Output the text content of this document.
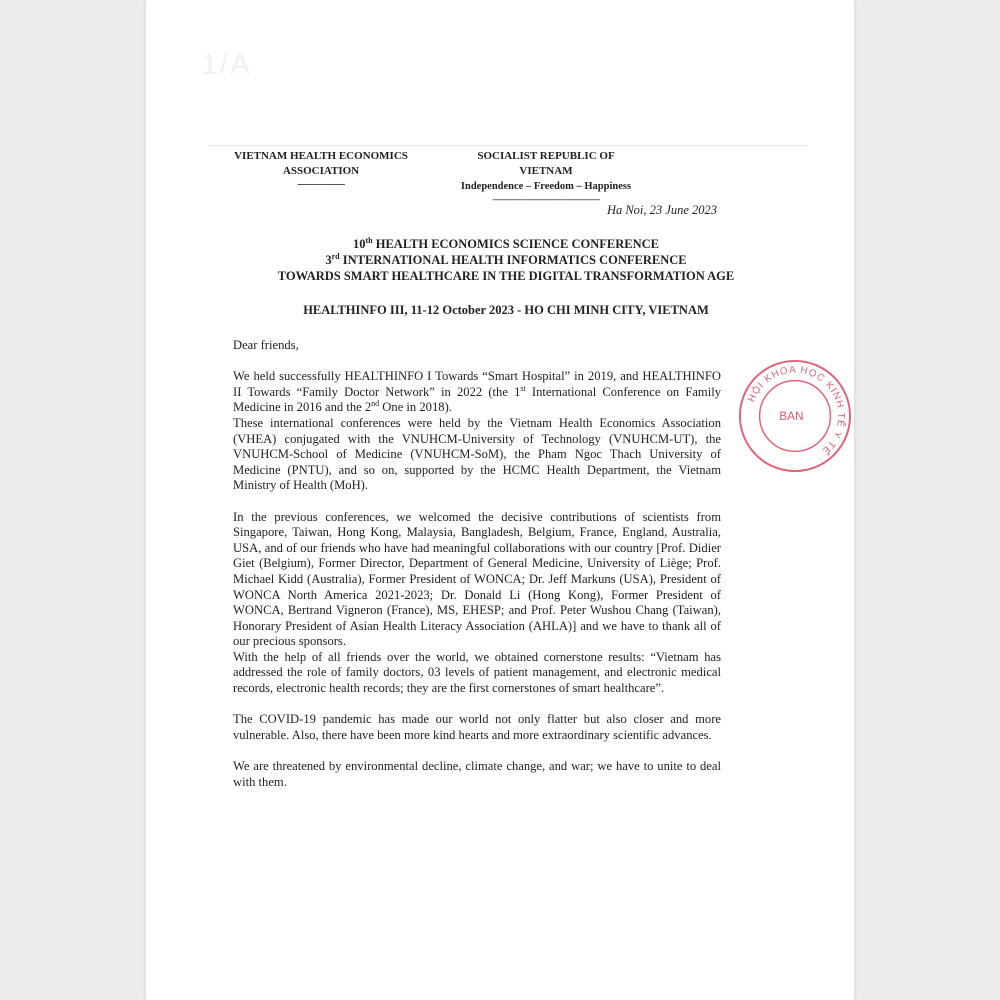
1/A
VIETNAM HEALTH ECONOMICS
ASSOCIATION
-------------------
SOCIALIST REPUBLIC OF VIETNAM
Independence – Freedom – Happiness
-------------------------------------------
Ha Noi, 23 June 2023
10th HEALTH ECONOMICS SCIENCE CONFERENCE
3rd INTERNATIONAL HEALTH INFORMATICS CONFERENCE
TOWARDS SMART HEALTHCARE IN THE DIGITAL TRANSFORMATION AGE
HEALTHINFO III, 11-12 October 2023 - HO CHI MINH CITY, VIETNAM

Dear friends,

We held successfully HEALTHINFO I Towards “Smart Hospital” in 2019, and HEALTHINFO II Towards “Family Doctor Network” in 2022 (the 1st International Conference on Family Medicine in 2016 and the 2nd One in 2018).

These international conferences were held by the Vietnam Health Economics Association (VHEA) conjugated with the VNUHCM-University of Technology (VNUHCM-UT), the VNUHCM-School of Medicine (VNUHCM-SoM), the Pham Ngoc Thach University of Medicine (PNTU), and so on, supported by the HCMC Health Department, the Vietnam Ministry of Health (MoH).

In the previous conferences, we welcomed the decisive contributions of scientists from Singapore, Taiwan, Hong Kong, Malaysia, Bangladesh, Belgium, France, England, Australia, USA, and of our friends who have had meaningful collaborations with our country [Prof. Didier Giet (Belgium), Former Director, Department of General Medicine, University of Liège; Prof. Michael Kidd (Australia), Former President of WONCA; Dr. Jeff Markuns (USA), President of WONCA North America 2021-2023; Dr. Donald Li (Hong Kong), Former President of WONCA, Bertrand Vigneron (France), MS, EHESP; and Prof. Peter Wushou Chang (Taiwan), Honorary President of Asian Health Literacy Association (AHLA)] and we have to thank all of our precious sponsors.

With the help of all friends over the world, we obtained cornerstone results: “Vietnam has addressed the role of family doctors, 03 levels of patient management, and electronic medical records, electronic health records; they are the first cornerstones of smart healthcare”.

The COVID-19 pandemic has made our world not only flatter but also closer and more vulnerable. Also, there have been more kind hearts and more extraordinary scientific advances.

We are threatened by environmental decline, climate change, and war; we have to unite to deal with them.

HỘI KHOA HỌC KINH TẾ Y TẾ
BAN
